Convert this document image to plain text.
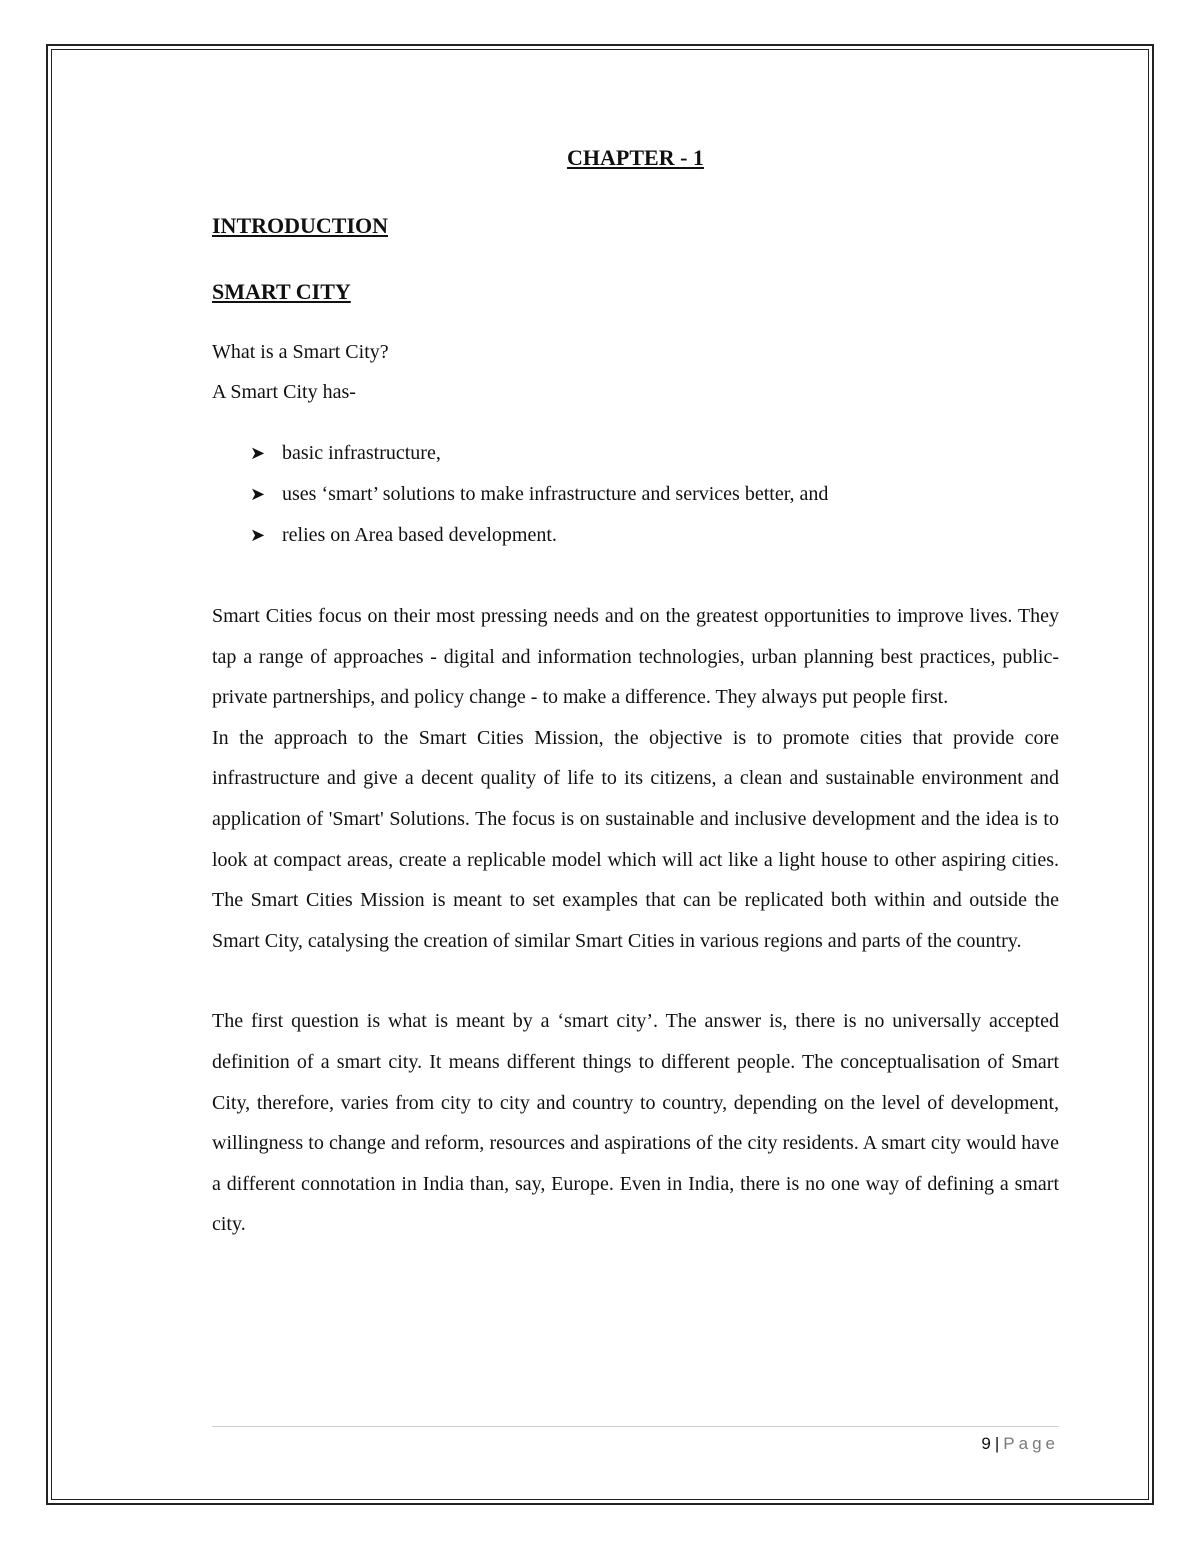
CHAPTER - 1

INTRODUCTION

SMART CITY

What is a Smart City?

A Smart City has-

➤ basic infrastructure,
➤ uses ‘smart’ solutions to make infrastructure and services better, and
➤ relies on Area based development.

Smart Cities focus on their most pressing needs and on the greatest opportunities to improve lives. They tap a range of approaches - digital and information technologies, urban planning best practices, public-private partnerships, and policy change - to make a difference. They always put people first.

In the approach to the Smart Cities Mission, the objective is to promote cities that provide core infrastructure and give a decent quality of life to its citizens, a clean and sustainable environment and application of 'Smart' Solutions. The focus is on sustainable and inclusive development and the idea is to look at compact areas, create a replicable model which will act like a light house to other aspiring cities. The Smart Cities Mission is meant to set examples that can be replicated both within and outside the Smart City, catalysing the creation of similar Smart Cities in various regions and parts of the country.

The first question is what is meant by a ‘smart city’. The answer is, there is no universally accepted definition of a smart city. It means different things to different people. The conceptualisation of Smart City, therefore, varies from city to city and country to country, depending on the level of development, willingness to change and reform, resources and aspirations of the city residents. A smart city would have a different connotation in India than, say, Europe. Even in India, there is no one way of defining a smart city.

9 | Page
